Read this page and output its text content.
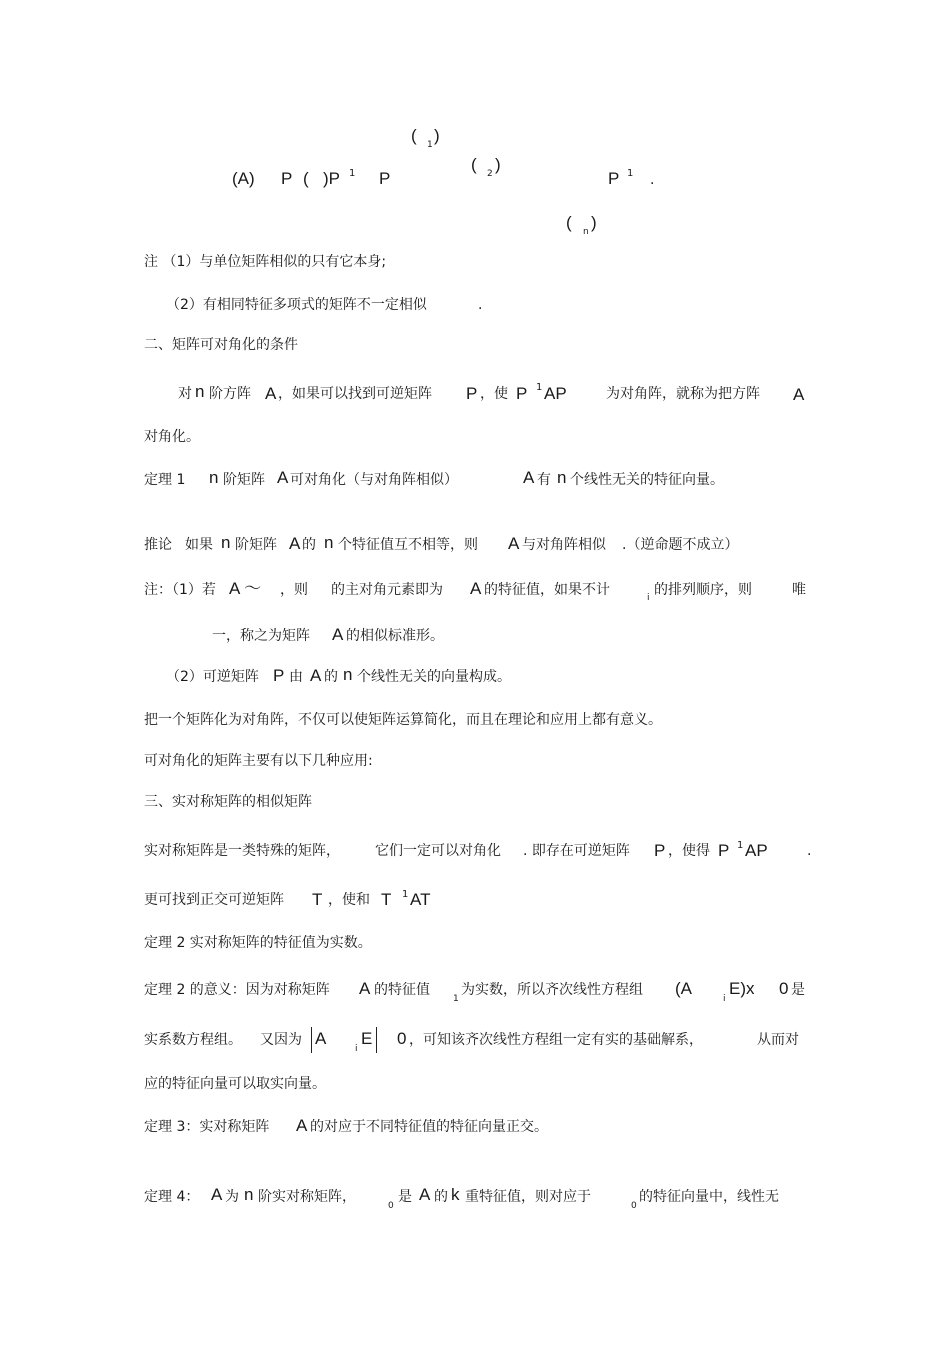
( 1 )
(A) P ( )P 1 P
( 2 )
P 1 .
( n )
注 （1）与单位矩阵相似的只有它本身;
（2）有相同特征多项式的矩阵不一定相似	.
二、矩阵可对角化的条件
对 n 阶方阵 A ，如果可以找到可逆矩阵 P ，使 P 1 AP	为对角阵，就称为把方阵 A
对角化。
定理 1 n 阶矩阵 A 可对角化（与对角阵相似）	A 有 n 个线性无关的特征向量。
推论 如果 n 阶矩阵 A 的 n 个特征值互不相等，则 A 与对角阵相似 .（逆命题不成立）
注：（1）若 A ～ ，则 的主对角元素即为 A 的特征值，如果不计	i 的排列顺序，则	唯
一，称之为矩阵 A 的相似标准形。
（2）可逆矩阵 P 由 A 的 n 个线性无关的向量构成。
把一个矩阵化为对角阵，不仅可以使矩阵运算简化，而且在理论和应用上都有意义。
可对角化的矩阵主要有以下几种应用:
三、实对称矩阵的相似矩阵
实对称矩阵是一类特殊的矩阵，	它们一定可以对角化 . 即存在可逆矩阵 P ，使得 P 1 AP	.
更可找到正交可逆矩阵 T ，使和 T 1 AT
定理 2 实对称矩阵的特征值为实数。
定理 2 的意义：因为对称矩阵 A 的特征值
1
为实数，所以齐次线性方程组 (A
i
E)x 0 是
实系数方程组。 又因为 A
i
E 0 ，可知该齐次线性方程组一定有实的基础解系，	从而对
应的特征向量可以取实向量。
定理 3：实对称矩阵 A 的对应于不同特征值的特征向量正交。
定理 4： A 为 n 阶实对称矩阵，
0
是 A 的 k 重特征值，则对应于
0
的特征向量中，线性无
